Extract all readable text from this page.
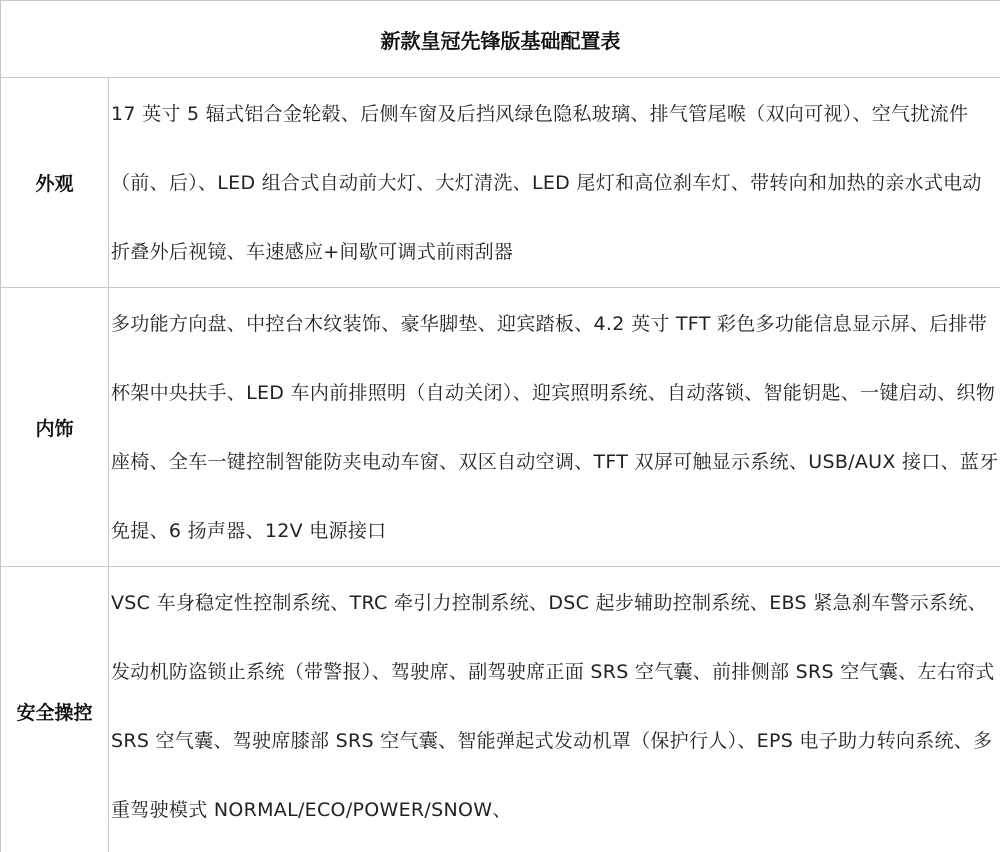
新款皇冠先锋版基础配置表	
外观	17 英寸 5 辐式铝合金轮毂、后侧车窗及后挡风绿色隐私玻璃、排气管尾喉（双向可视）、空气扰流件（前、后）、LED 组合式自动前大灯、大灯清洗、LED 尾灯和高位刹车灯、带转向和加热的亲水式电动折叠外后视镜、车速感应+间歇可调式前雨刮器
内饰	多功能方向盘、中控台木纹装饰、豪华脚垫、迎宾踏板、4.2 英寸 TFT 彩色多功能信息显示屏、后排带杯架中央扶手、LED 车内前排照明（自动关闭）、迎宾照明系统、自动落锁、智能钥匙、一键启动、织物座椅、全车一键控制智能防夹电动车窗、双区自动空调、TFT 双屏可触显示系统、USB/AUX 接口、蓝牙免提、6 扬声器、12V 电源接口
安全操控	VSC 车身稳定性控制系统、TRC 牵引力控制系统、DSC 起步辅助控制系统、EBS 紧急刹车警示系统、发动机防盗锁止系统（带警报）、驾驶席、副驾驶席正面 SRS 空气囊、前排侧部 SRS 空气囊、左右帘式 SRS 空气囊、驾驶席膝部 SRS 空气囊、智能弹起式发动机罩（保护行人）、EPS 电子助力转向系统、多重驾驶模式 NORMAL/ECO/POWER/SNOW、
